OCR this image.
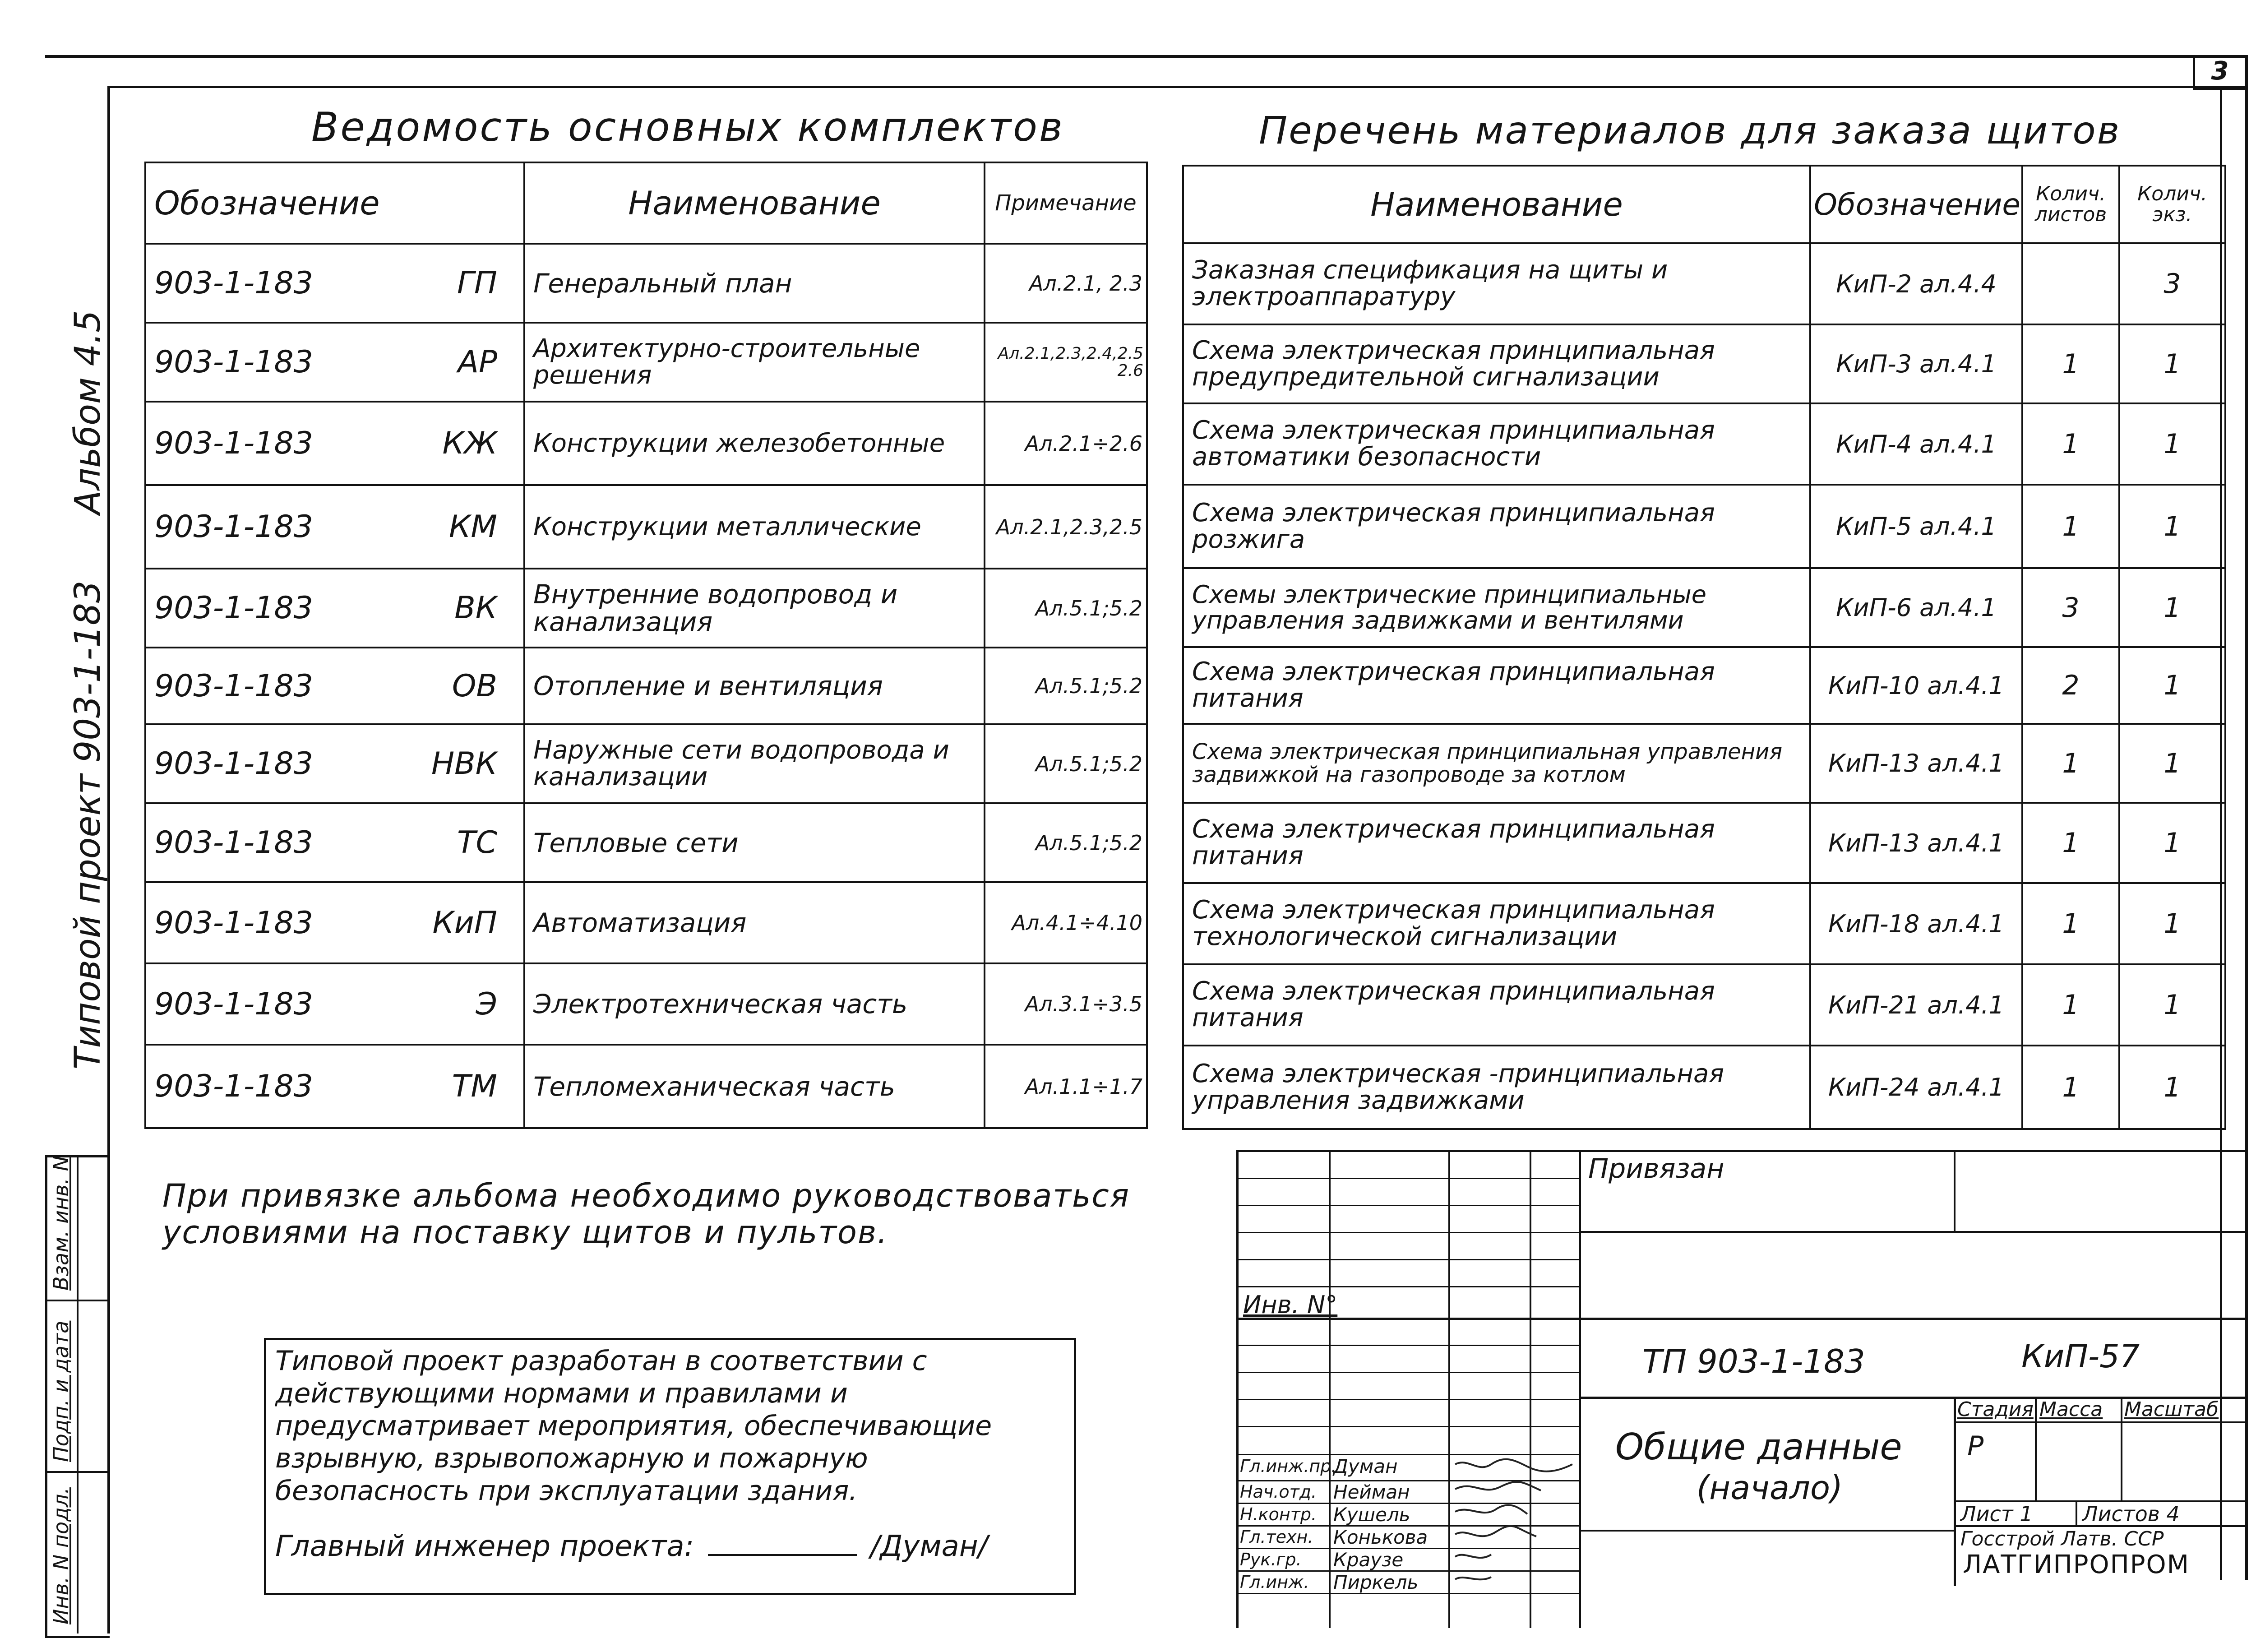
3
Альбом 4.5
Типовой проект 903-1-183
Взам. инв. N
Подп. и дата
Инв. N подл.
Ведомость основных комплектов
Обозначение	Наименование	Примечание
903-1-183 ГП	Генеральный план	Ал.2.1, 2.3
903-1-183 АР	Архитектурно-строительные решения	Ал.2.1,2.3,2.4,2.5 2.6
903-1-183 КЖ	Конструкции железобетонные	Ал.2.1÷2.6
903-1-183 КМ	Конструкции металлические	Ал.2.1,2.3,2.5
903-1-183 ВК	Внутренние водопровод и канализация	Ал.5.1;5.2
903-1-183 ОВ	Отопление и вентиляция	Ал.5.1;5.2
903-1-183 НВК	Наружные сети водопровода и канализации	Ал.5.1;5.2
903-1-183 ТС	Тепловые сети	Ал.5.1;5.2
903-1-183 КиП	Автоматизация	Ал.4.1÷4.10
903-1-183 Э	Электротехническая часть	Ал.3.1÷3.5
903-1-183 ТМ	Тепломеханическая часть	Ал.1.1÷1.7
Перечень материалов для заказа щитов
Наименование	Обозначение	Колич. листов	Колич. экз.
Заказная спецификация на щиты и электроаппаратуру	КиП-2 ал.4.4		3
Схема электрическая принципиальная предупредительной сигнализации	КиП-3 ал.4.1	1	1
Схема электрическая принципиальная автоматики безопасности	КиП-4 ал.4.1	1	1
Схема электрическая принципиальная розжига	КиП-5 ал.4.1	1	1
Схемы электрические принципиальные управления задвижками и вентилями	КиП-6 ал.4.1	3	1
Схема электрическая принципиальная питания	КиП-10 ал.4.1	2	1
Схема электрическая принципиальная управления задвижкой на газопроводе за котлом	КиП-13 ал.4.1	1	1
Схема электрическая принципиальная питания	КиП-13 ал.4.1	1	1
Схема электрическая принципиальная технологической сигнализации	КиП-18 ал.4.1	1	1
Схема электрическая принципиальная питания	КиП-21 ал.4.1	1	1
Схема электрическая -принципиальная управления задвижками	КиП-24 ал.4.1	1	1
При привязке альбома необходимо руководствоваться условиями на поставку щитов и пультов.
Типовой проект разработан в соответствии с действующими нормами и правилами и предусматривает мероприятия, обеспечивающие взрывную, взрывопожарную и пожарную безопасность при эксплуатации здания.
Главный инженер проекта:	/Думан/
Привязан
Инв. N°
ТП 903-1-183	КиП-57
Общие данные
(начало)
Стадия Масса Масштаб
Р
Лист 1 Листов 4
Госстрой Латв. ССР
ЛАТГИПРОПРОМ
Гл.инж.пр.
Думан
Нач.отд. Нейман
Н.контр. Кушель
Гл.техн. Конькова
Рук.гр. Краузе
Гл.инж. Пиркель
